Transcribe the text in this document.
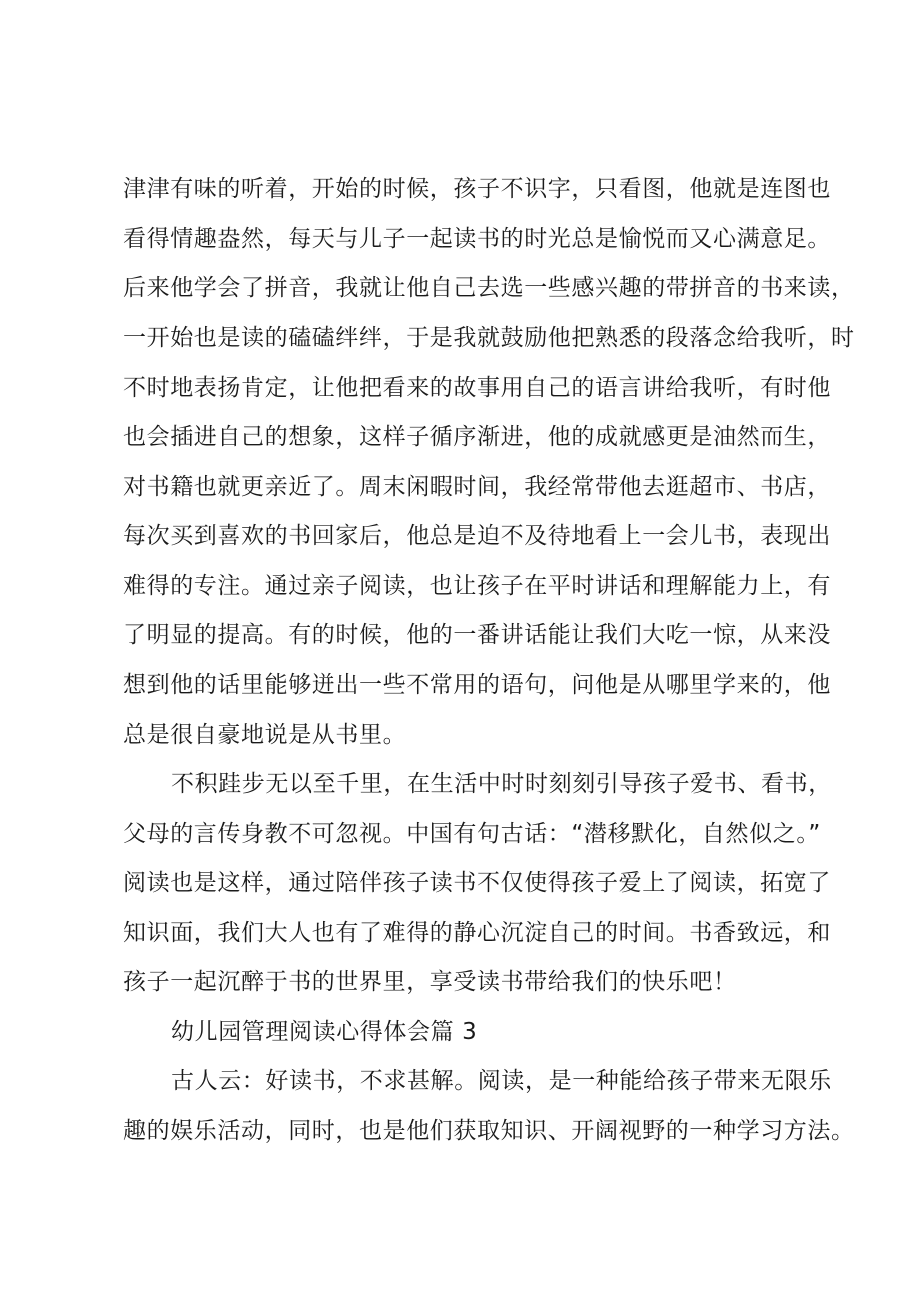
津津有味的听着，开始的时候，孩子不识字，只看图，他就是连图也
看得情趣盎然，每天与儿子一起读书的时光总是愉悦而又心满意足。
后来他学会了拼音，我就让他自己去选一些感兴趣的带拼音的书来读，
一开始也是读的磕磕绊绊，于是我就鼓励他把熟悉的段落念给我听，时
不时地表扬肯定，让他把看来的故事用自己的语言讲给我听，有时他
也会插进自己的想象，这样子循序渐进，他的成就感更是油然而生，
对书籍也就更亲近了。周末闲暇时间，我经常带他去逛超市、书店，
每次买到喜欢的书回家后，他总是迫不及待地看上一会儿书，表现出
难得的专注。通过亲子阅读，也让孩子在平时讲话和理解能力上，有
了明显的提高。有的时候，他的一番讲话能让我们大吃一惊，从来没
想到他的话里能够迸出一些不常用的语句，问他是从哪里学来的，他
总是很自豪地说是从书里。
不积跬步无以至千里，在生活中时时刻刻引导孩子爱书、看书，
父母的言传身教不可忽视。中国有句古话：“潜移默化，自然似之。”
阅读也是这样，通过陪伴孩子读书不仅使得孩子爱上了阅读，拓宽了
知识面，我们大人也有了难得的静心沉淀自己的时间。书香致远，和
孩子一起沉醉于书的世界里，享受读书带给我们的快乐吧！
幼儿园管理阅读心得体会篇 3
古人云：好读书，不求甚解。阅读，是一种能给孩子带来无限乐
趣的娱乐活动，同时，也是他们获取知识、开阔视野的一种学习方法。
